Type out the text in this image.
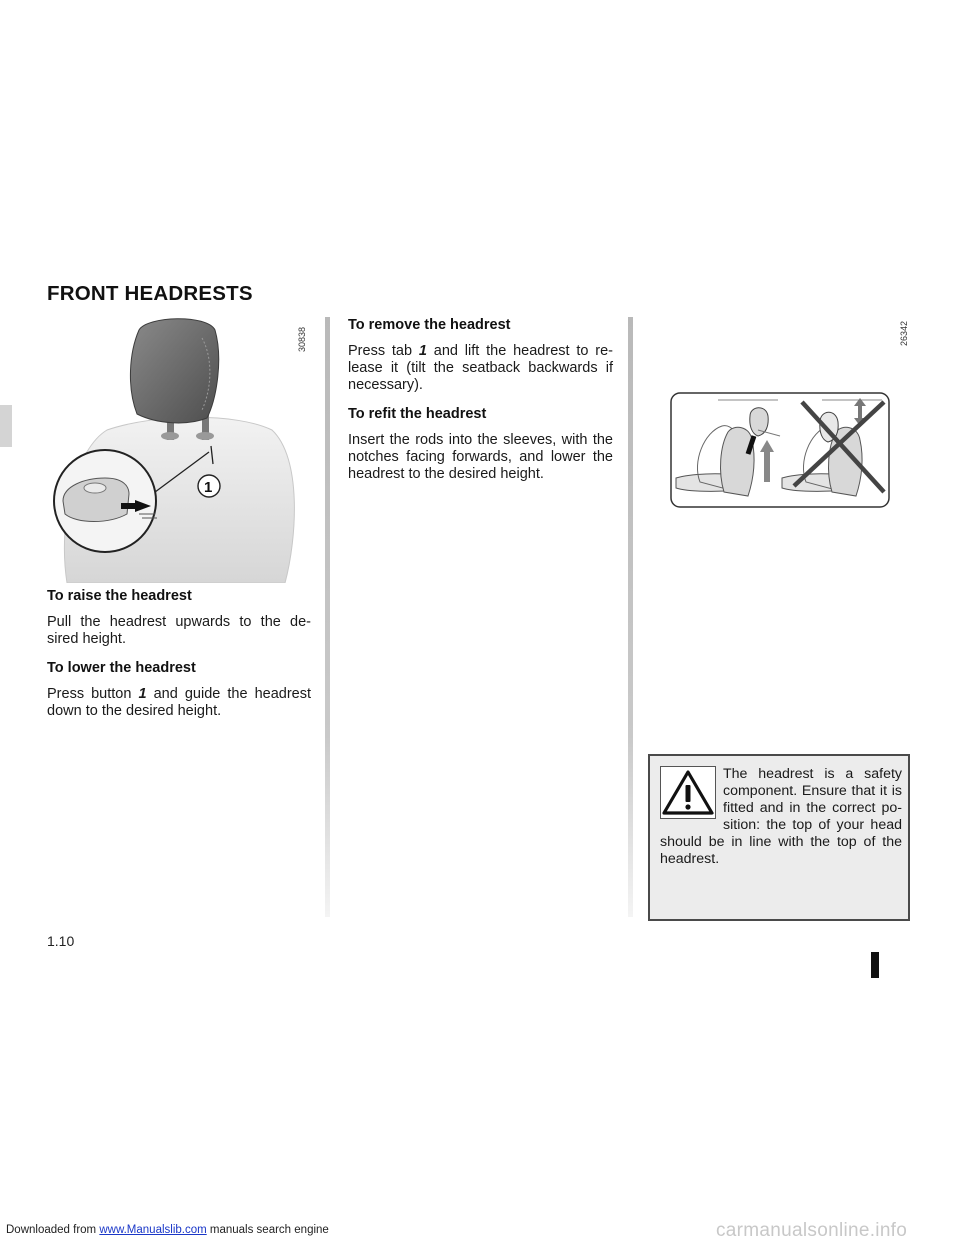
FRONT HEADRESTS
1
30838

To raise the headrest

Pull the headrest upwards to the de-sired height.

To lower the headrest

Press button 1 and guide the headrest down to the desired height.

To remove the headrest

Press tab 1 and lift the headrest to re-lease it (tilt the seatback backwards if necessary).

To refit the headrest

Insert the rods into the sleeves, with the notches facing forwards, and lower the headrest to the desired height.

26342
The headrest is a safety component. Ensure that it is fitted and in the correct po-sition: the top of your head should be in line with the top of the headrest.
1.10
Downloaded from www.Manualslib.com manuals search engine	carmanualsonline.info
